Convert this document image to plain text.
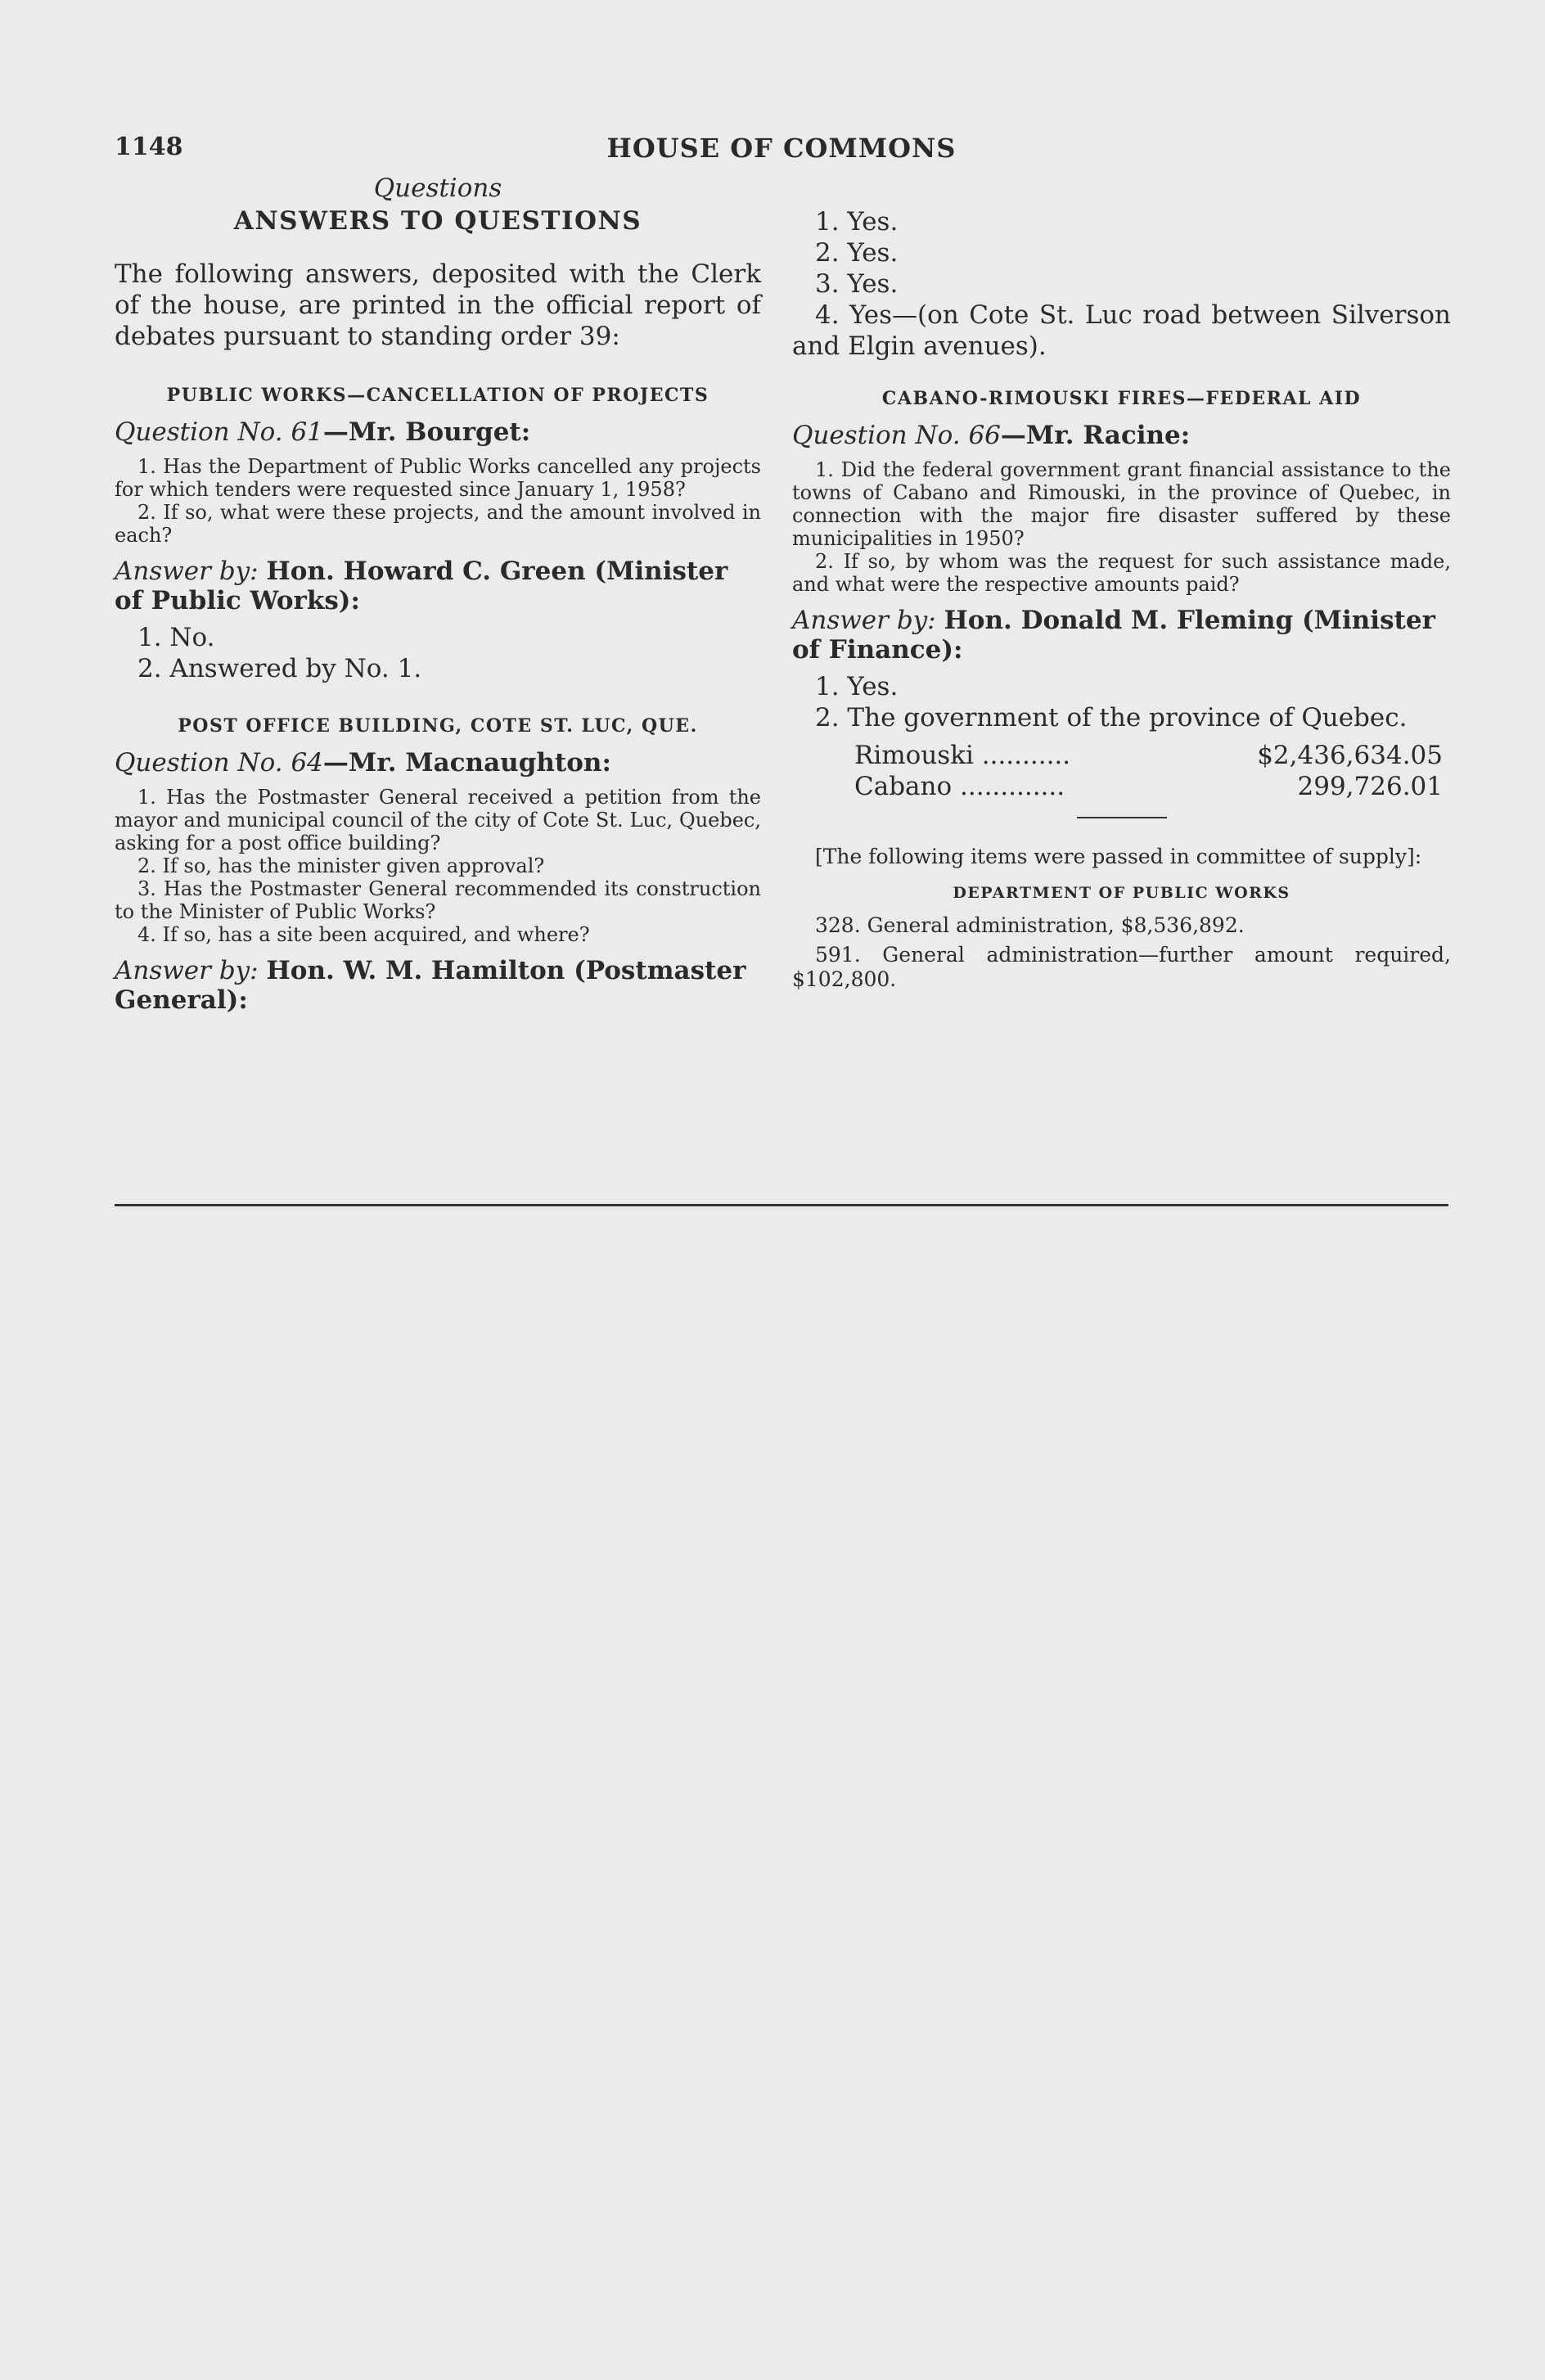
1148	HOUSE OF COMMONS

Questions

ANSWERS TO QUESTIONS

The following answers, deposited with the Clerk of the house, are printed in the official report of debates pursuant to standing order 39:

PUBLIC WORKS—CANCELLATION OF PROJECTS

Question No. 61—Mr. Bourget:

1. Has the Department of Public Works cancelled any projects for which tenders were requested since January 1, 1958?

2. If so, what were these projects, and the amount involved in each?

Answer by: Hon. Howard C. Green (Minister of Public Works):

1. No.

2. Answered by No. 1.

POST OFFICE BUILDING, COTE ST. LUC, QUE.

Question No. 64—Mr. Macnaughton:

1. Has the Postmaster General received a petition from the mayor and municipal council of the city of Cote St. Luc, Quebec, asking for a post office building?

2. If so, has the minister given approval?

3. Has the Postmaster General recommended its construction to the Minister of Public Works?

4. If so, has a site been acquired, and where?

Answer by: Hon. W. M. Hamilton (Postmaster General):

1. Yes.

2. Yes.

3. Yes.

4. Yes—(on Cote St. Luc road between Silverson and Elgin avenues).

CABANO-RIMOUSKI FIRES—FEDERAL AID

Question No. 66—Mr. Racine:

1. Did the federal government grant financial assistance to the towns of Cabano and Rimouski, in the province of Quebec, in connection with the major fire disaster suffered by these municipalities in 1950?

2. If so, by whom was the request for such assistance made, and what were the respective amounts paid?

Answer by: Hon. Donald M. Fleming (Minister of Finance):

1. Yes.

2. The government of the province of Quebec.

Rimouski ...........	$2,436,634.05
Cabano .............	299,726.01

[The following items were passed in committee of supply]:

DEPARTMENT OF PUBLIC WORKS

328. General administration, $8,536,892.

591. General administration—further amount required, $102,800.
